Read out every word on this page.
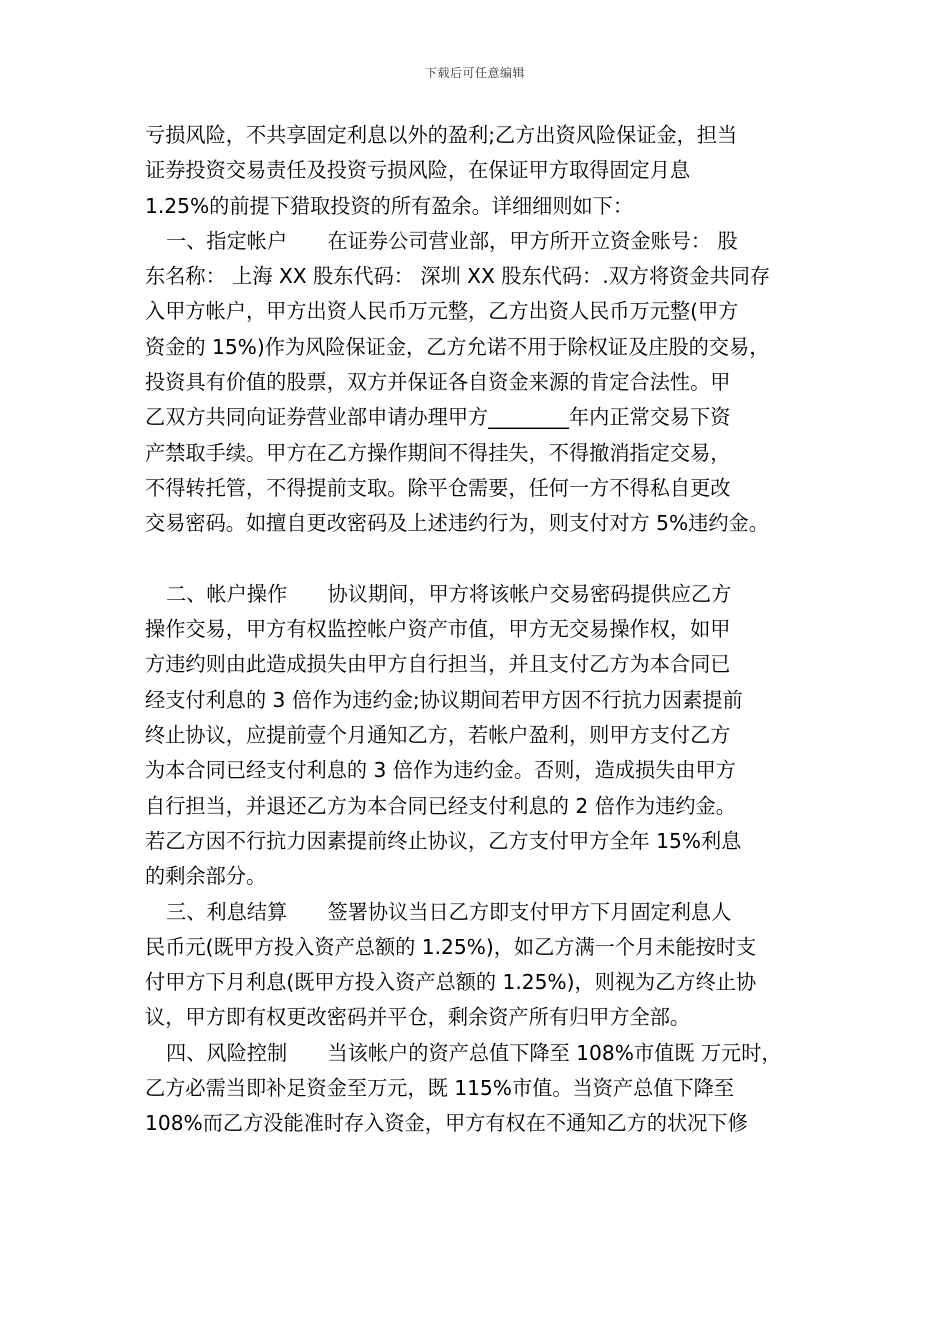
下载后可任意编辑
亏损风险，不共享固定利息以外的盈利;乙方出资风险保证金，担当
证券投资交易责任及投资亏损风险，在保证甲方取得固定月息
1.25%的前提下猎取投资的所有盈余。详细细则如下：
一、指定帐户　　在证券公司营业部，甲方所开立资金账号： 股
东名称： 上海 XX 股东代码： 深圳 XX 股东代码：.双方将资金共同存
入甲方帐户，甲方出资人民币万元整，乙方出资人民币万元整(甲方
资金的 15%)作为风险保证金，乙方允诺不用于除权证及庄股的交易，
投资具有价值的股票，双方并保证各自资金来源的肯定合法性。甲
乙双方共同向证券营业部申请办理甲方________年内正常交易下资
产禁取手续。甲方在乙方操作期间不得挂失，不得撤消指定交易，
不得转托管，不得提前支取。除平仓需要，任何一方不得私自更改
交易密码。如擅自更改密码及上述违约行为，则支付对方 5%违约金。
二、帐户操作　　协议期间，甲方将该帐户交易密码提供应乙方
操作交易，甲方有权监控帐户资产市值，甲方无交易操作权，如甲
方违约则由此造成损失由甲方自行担当，并且支付乙方为本合同已
经支付利息的 3 倍作为违约金;协议期间若甲方因不行抗力因素提前
终止协议，应提前壹个月通知乙方，若帐户盈利，则甲方支付乙方
为本合同已经支付利息的 3 倍作为违约金。否则，造成损失由甲方
自行担当，并退还乙方为本合同已经支付利息的 2 倍作为违约金。
若乙方因不行抗力因素提前终止协议，乙方支付甲方全年 15%利息
的剩余部分。
三、利息结算　　签署协议当日乙方即支付甲方下月固定利息人
民币元(既甲方投入资产总额的 1.25%)，如乙方满一个月未能按时支
付甲方下月利息(既甲方投入资产总额的 1.25%)，则视为乙方终止协
议，甲方即有权更改密码并平仓，剩余资产所有归甲方全部。
四、风险控制　　当该帐户的资产总值下降至 108%市值既 万元时，
乙方必需当即补足资金至万元，既 115%市值。当资产总值下降至
108%而乙方没能准时存入资金，甲方有权在不通知乙方的状况下修
